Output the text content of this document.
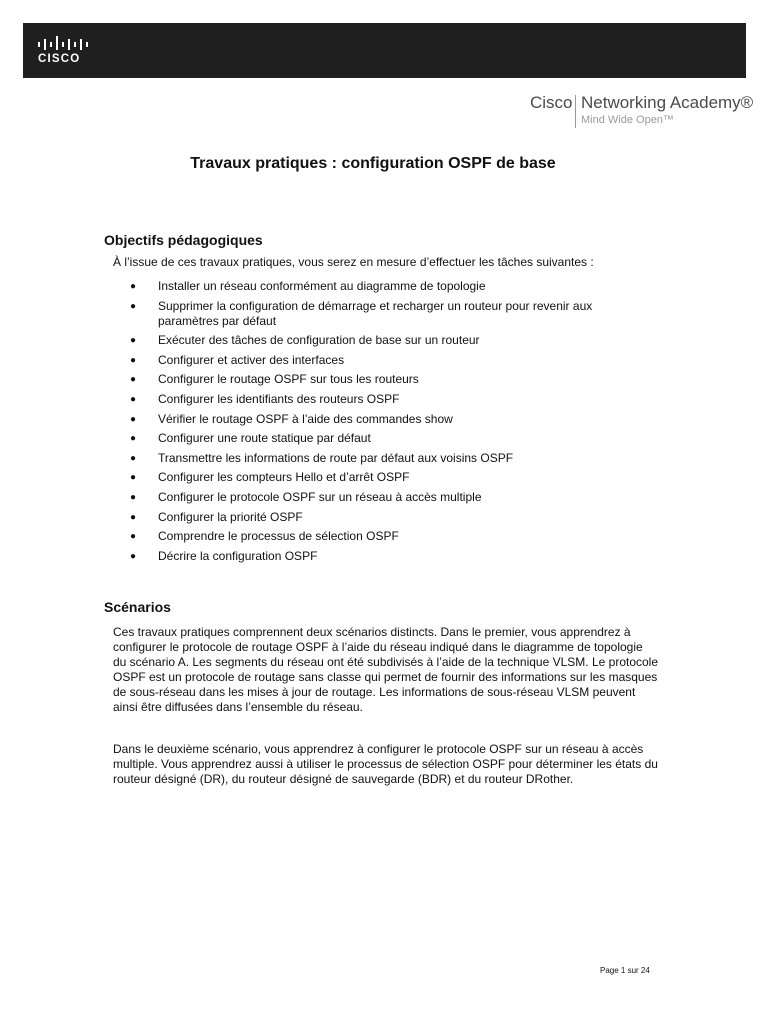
CISCO
Cisco Networking Academy®
Mind Wide Open™
Travaux pratiques : configuration OSPF de base
Objectifs pédagogiques
À l’issue de ces travaux pratiques, vous serez en mesure d’effectuer les tâches suivantes :
● Installer un réseau conformément au diagramme de topologie
● Supprimer la configuration de démarrage et recharger un routeur pour revenir aux paramètres par défaut
● Exécuter des tâches de configuration de base sur un routeur
● Configurer et activer des interfaces
● Configurer le routage OSPF sur tous les routeurs
● Configurer les identifiants des routeurs OSPF
● Vérifier le routage OSPF à l’aide des commandes show
● Configurer une route statique par défaut
● Transmettre les informations de route par défaut aux voisins OSPF
● Configurer les compteurs Hello et d’arrêt OSPF
● Configurer le protocole OSPF sur un réseau à accès multiple
● Configurer la priorité OSPF
● Comprendre le processus de sélection OSPF
● Décrire la configuration OSPF
Scénarios

Ces travaux pratiques comprennent deux scénarios distincts. Dans le premier, vous apprendrez à configurer le protocole de routage OSPF à l’aide du réseau indiqué dans le diagramme de topologie du scénario A. Les segments du réseau ont été subdivisés à l’aide de la technique VLSM. Le protocole OSPF est un protocole de routage sans classe qui permet de fournir des informations sur les masques de sous-réseau dans les mises à jour de routage. Les informations de sous-réseau VLSM peuvent ainsi être diffusées dans l’ensemble du réseau.

Dans le deuxième scénario, vous apprendrez à configurer le protocole OSPF sur un réseau à accès multiple. Vous apprendrez aussi à utiliser le processus de sélection OSPF pour déterminer les états du routeur désigné (DR), du routeur désigné de sauvegarde (BDR) et du routeur DRother.

Page 1 sur 24
